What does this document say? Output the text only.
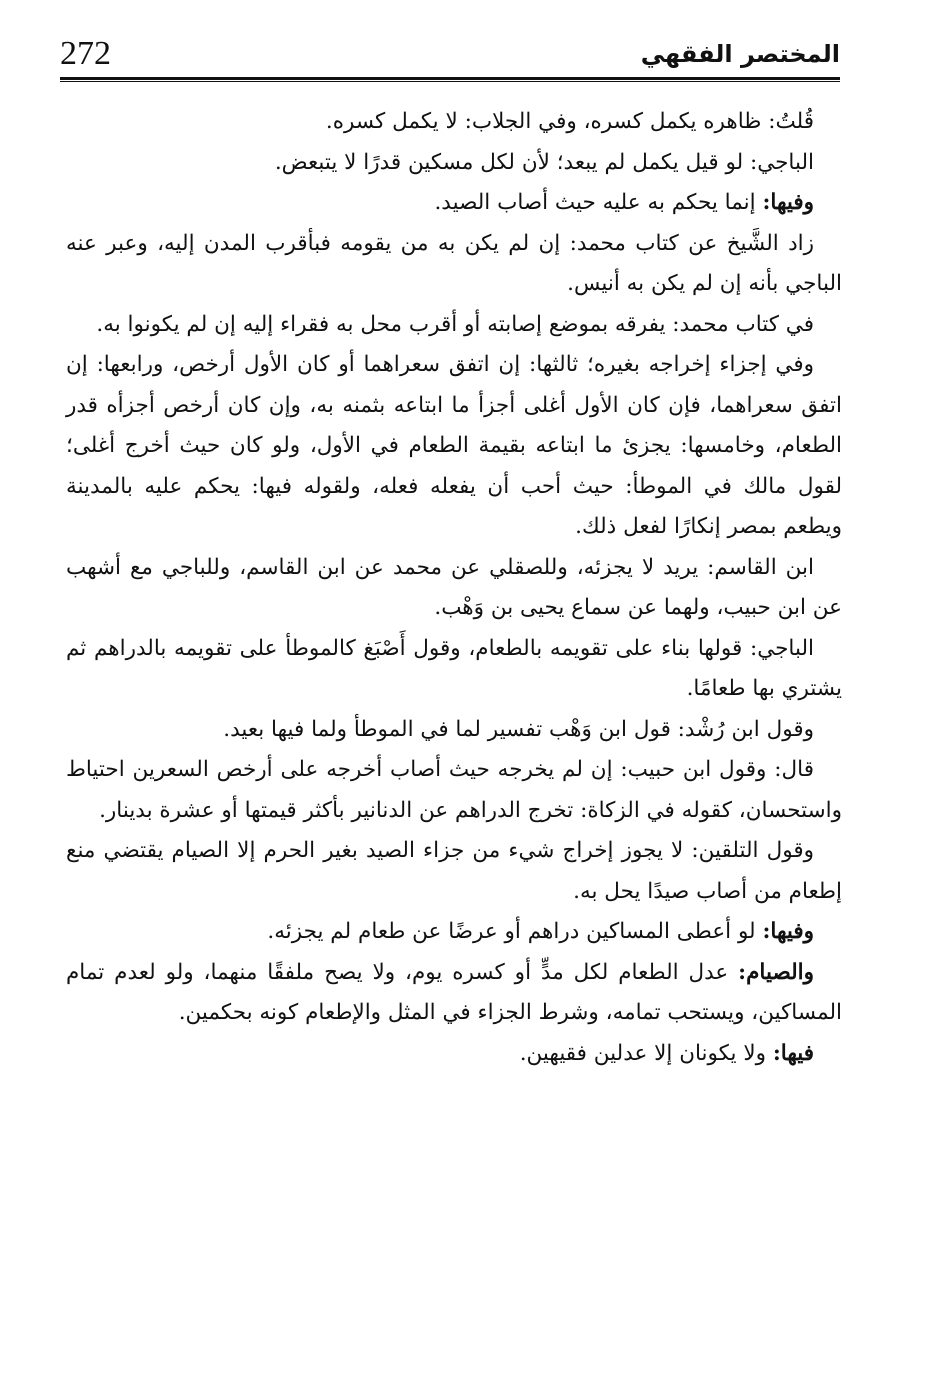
272	المختصر الفقهي

قُلتُ: ظاهره يكمل كسره، وفي الجلاب: لا يكمل كسره.

الباجي: لو قيل يكمل لم يبعد؛ لأن لكل مسكين قدرًا لا يتبعض.

وفيها: إنما يحكم به عليه حيث أصاب الصيد.

زاد الشَّيخ عن كتاب محمد: إن لم يكن به من يقومه فبأقرب المدن إليه، وعبر عنه الباجي بأنه إن لم يكن به أنيس.

في كتاب محمد: يفرقه بموضع إصابته أو أقرب محل به فقراء إليه إن لم يكونوا به.

وفي إجزاء إخراجه بغيره؛ ثالثها: إن اتفق سعراهما أو كان الأول أرخص، ورابعها: إن اتفق سعراهما، فإن كان الأول أغلى أجزأ ما ابتاعه بثمنه به، وإن كان أرخص أجزأه قدر الطعام، وخامسها: يجزئ ما ابتاعه بقيمة الطعام في الأول، ولو كان حيث أخرج أغلى؛ لقول مالك في الموطأ: حيث أحب أن يفعله فعله، ولقوله فيها: يحكم عليه بالمدينة ويطعم بمصر إنكارًا لفعل ذلك.

ابن القاسم: يريد لا يجزئه، وللصقلي عن محمد عن ابن القاسم، وللباجي مع أشهب عن ابن حبيب، ولهما عن سماع يحيى بن وَهْب.

الباجي: قولها بناء على تقويمه بالطعام، وقول أَصْبَغ كالموطأ على تقويمه بالدراهم ثم يشتري بها طعامًا.

وقول ابن رُشْد: قول ابن وَهْب تفسير لما في الموطأ ولما فيها بعيد.

قال: وقول ابن حبيب: إن لم يخرجه حيث أصاب أخرجه على أرخص السعرين احتياط واستحسان، كقوله في الزكاة: تخرج الدراهم عن الدنانير بأكثر قيمتها أو عشرة بدينار.

وقول التلقين: لا يجوز إخراج شيء من جزاء الصيد بغير الحرم إلا الصيام يقتضي منع إطعام من أصاب صيدًا يحل به.

وفيها: لو أعطى المساكين دراهم أو عرضًا عن طعام لم يجزئه.

والصيام: عدل الطعام لكل مدٍّ أو كسره يوم، ولا يصح ملفقًا منهما، ولو لعدم تمام المساكين، ويستحب تمامه، وشرط الجزاء في المثل والإطعام كونه بحكمين.

فيها: ولا يكونان إلا عدلين فقيهين.
